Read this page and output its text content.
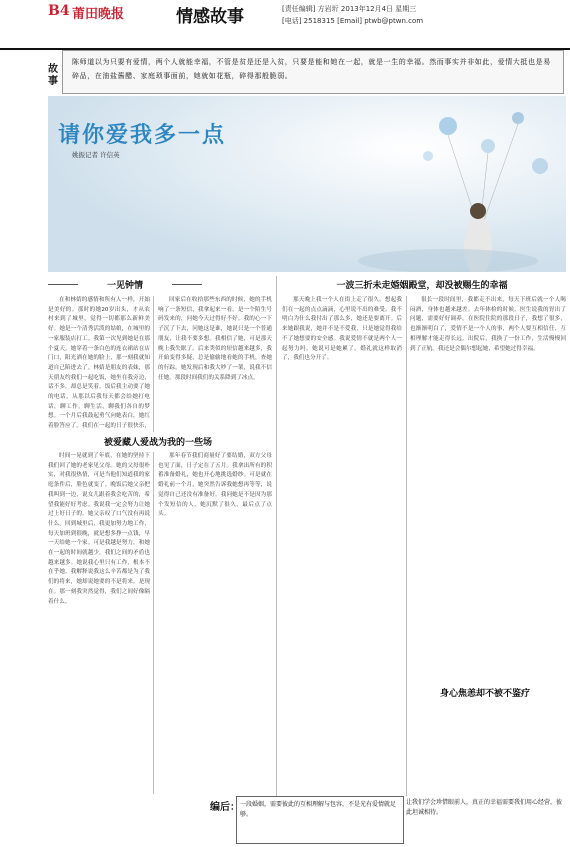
B4 莆田晚报	情感故事	[责任编辑] 方岩圻 2013年12月4日 星期三
[电话] 2518315 [Email] ptwb@ptwn.com
故事
陈师道以为只要有爱情，两个人就能幸福，不管是贫是还是入贫，只要是能和她在一起，就是一生的幸福。然而事实并非如此，爱情大抵也是易碎品，在油盐酱醋、家庭琐事面前，她就如花瓶，碎得那般脆弱。
请你爱我多一点
姚振记者 许信英
一见钟情
被爱藏人爱战为我的一些场
一波三折未走婚姻殿堂，却没被赐生的幸福
身心焦恙却不被不鉴疗

在和林婧的感情和所有人一样，开始是美好的。那时的她20岁出头，才从农村来到了城里，觉得一切都那么新鲜美好。她是一个清秀活泼的姑娘，在城里的一家服装店打工。我第一次见到她是在那个夏天，她穿着一条白色的连衣裙站在店门口，阳光洒在她的脸上，那一刻我就知道自己陷进去了。林婧是朋友的表妹，那天朋友约我们一起吃饭，她坐在我旁边，话不多，却总是笑着。饭后我主动要了她的电话，从那以后我每天都会给她打电话，聊工作，聊生活，聊我们各自的梦想。一个月后我鼓起勇气向她表白，她红着脸答应了。我们在一起的日子很快乐，

回家后在收拾那些东西的时候，她的手机响了一条短信，我拿起来一看，是一个陌生号码发来的，问她今天过得好不好。我的心一下子沉了下去，问她这是谁，她说只是一个普通朋友，让我不要多想。我相信了她，可是那天晚上我失眠了。后来类似的短信越来越多，我开始变得多疑，总是偷偷地看她的手机，查她的行踪。她发现后和我大吵了一架，说我不信任她。那段时间我们的关系降到了冰点。

时间一晃就到了年底，在她的坚持下我们回了她的老家见父母。她的父母很朴实，对我很热情，可是当他们知道我的家庭条件后，脸色就变了。晚饭后她父亲把我叫到一边，说女儿跟着我会吃苦的，希望我能好好考虑。我说我一定会努力让她过上好日子的。她父亲叹了口气没有再说什么。回到城里后，我更加努力地工作，每天加班到很晚，就是想多挣一点钱，早一天给她一个家。可是我越是努力，和她在一起的时间就越少，我们之间的矛盾也越来越多。她说我心里只有工作，根本不在乎她。我解释说我这么辛苦都是为了我们的将来，她却说她要的不是将来，是现在。那一刻我突然觉得，我们之间好像隔着什么。

那年春节我们商量好了要结婚，双方父母也见了面，日子定在了五月。我拿出所有的积蓄准备婚礼，她也开心地挑选婚纱。可是就在婚礼前一个月，她突然告诉我她想再等等，说觉得自己还没有准备好。我问她是不是因为那个发短信的人，她沉默了很久，最后点了点头。

那天晚上我一个人在街上走了很久，想起我们在一起的点点滴滴，心里说不出的难受。我不明白为什么我付出了那么多，她还是要离开。后来她跟我说，她并不是不爱我，只是她觉得我给不了她想要的安全感。我说爱情不就是两个人一起努力吗，她说可是她累了。婚礼就这样取消了，我们也分开了。

很长一段时间里，我都走不出来，每天下班后就一个人喝闷酒，身体也越来越差。去年体检的时候，医生说我的胃出了问题，需要好好调养。在医院住院的那段日子，我想了很多，也渐渐明白了，爱情不是一个人的事，两个人要互相信任、互相理解才能走得长远。出院后，我换了一份工作，生活慢慢回到了正轨。我还是会偶尔想起她，希望她过得幸福。

编后： 一段婚姻，需要彼此的互相理解与包容，不是光有爱情就足够。
让我们学会珍惜眼前人，真正的幸福需要我们用心经营，彼此坦诚相待。
